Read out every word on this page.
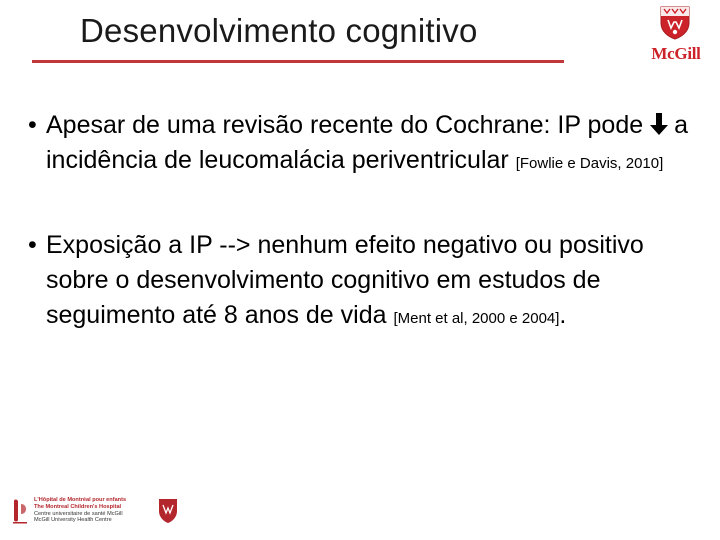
Desenvolvimento cognitivo
McGill
• Apesar de uma revisão recente do Cochrane: IP pode a incidência de leucomalácia periventricular [Fowlie e Davis, 2010]
• Exposição a IP --> nenhum efeito negativo ou positivo sobre o desenvolvimento cognitivo em estudos de seguimento até 8 anos de vida [Ment et al, 2000 e 2004].
L'Hôpital de Montréal pour enfants
The Montreal Children's Hospital
Centre universitaire de santé McGill
McGill University Health Centre
